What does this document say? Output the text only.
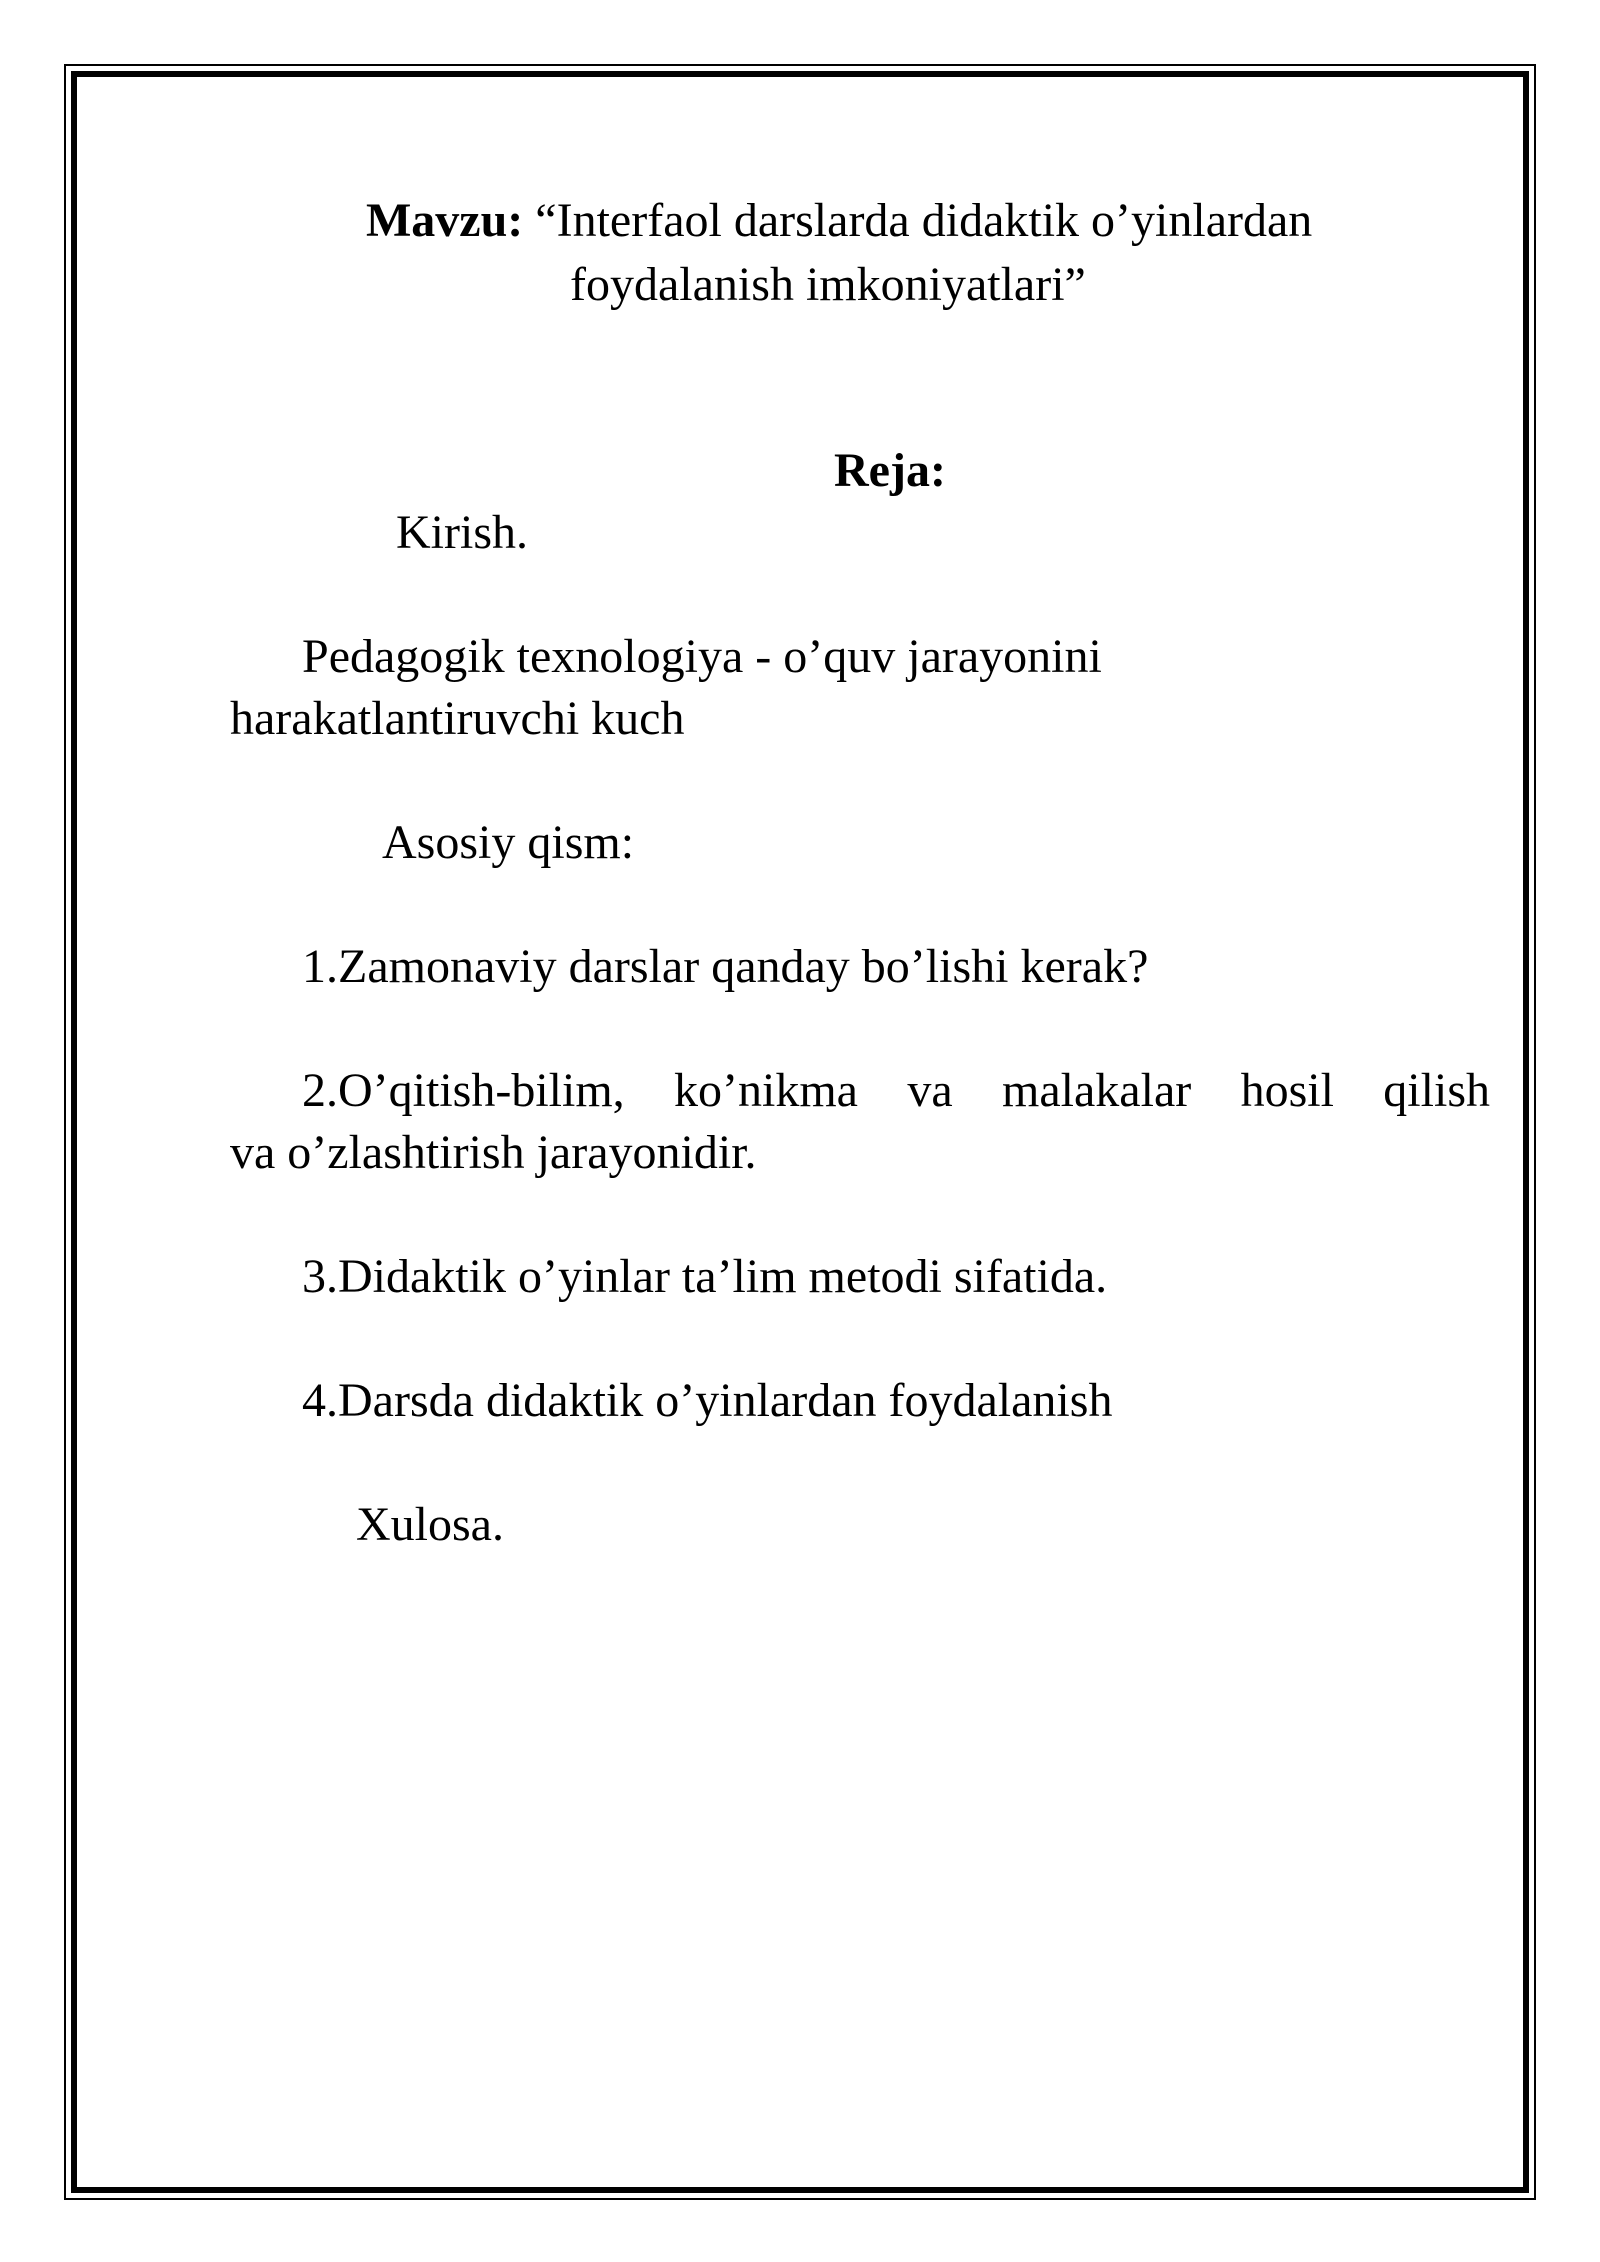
Mavzu: “Interfaol darslarda didaktik o’yinlardan
foydalanish imkoniyatlari”
Reja:
Kirish.
Pedagogik texnologiya - o’quv jarayonini
harakatlantiruvchi kuch
Asosiy qism:
1.Zamonaviy darslar qanday bo’lishi kerak?
2.O’qitish-bilim, ko’nikma va malakalar hosil qilish
va o’zlashtirish jarayonidir.
3.Didaktik o’yinlar ta’lim metodi sifatida.
4.Darsda didaktik o’yinlardan foydalanish
Xulosa.
